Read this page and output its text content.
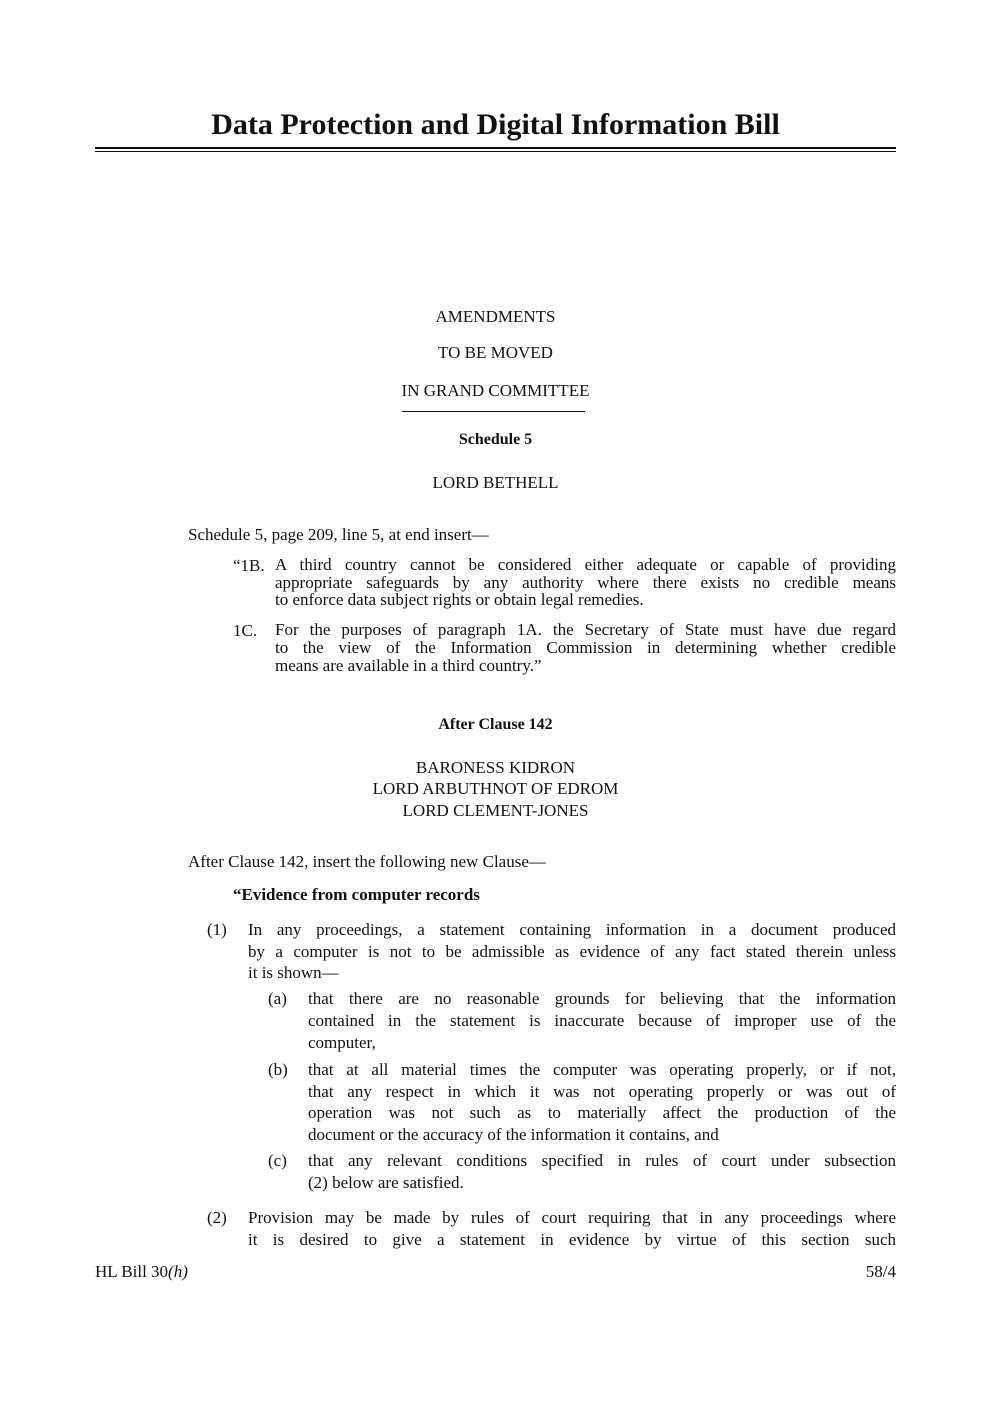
Data Protection and Digital Information Bill
AMENDMENTS
TO BE MOVED
IN GRAND COMMITTEE
Schedule 5
LORD BETHELL
Schedule 5, page 209, line 5, at end insert—
“1B. A third country cannot be considered either adequate or capable of providing
appropriate safeguards by any authority where there exists no credible means
to enforce data subject rights or obtain legal remedies.
1C. For the purposes of paragraph 1A. the Secretary of State must have due regard
to the view of the Information Commission in determining whether credible
means are available in a third country.”
After Clause 142
BARONESS KIDRON
LORD ARBUTHNOT OF EDROM
LORD CLEMENT-JONES
After Clause 142, insert the following new Clause—
“Evidence from computer records
(1) In any proceedings, a statement containing information in a document produced
by a computer is not to be admissible as evidence of any fact stated therein unless
it is shown—
(a) that there are no reasonable grounds for believing that the information
contained in the statement is inaccurate because of improper use of the
computer,
(b) that at all material times the computer was operating properly, or if not,
that any respect in which it was not operating properly or was out of
operation was not such as to materially affect the production of the
document or the accuracy of the information it contains, and
(c) that any relevant conditions specified in rules of court under subsection
(2) below are satisfied.
(2) Provision may be made by rules of court requiring that in any proceedings where
it is desired to give a statement in evidence by virtue of this section such
HL Bill 30(h)	58/4
